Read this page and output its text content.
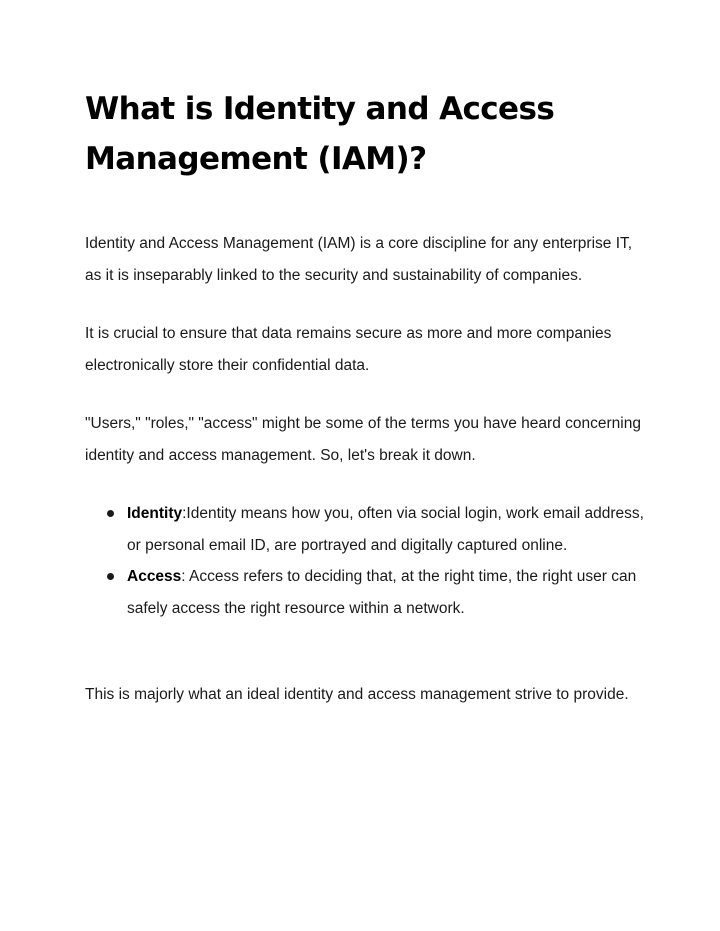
What is Identity and Access Management (IAM)?

Identity and Access Management (IAM) is a core discipline for any enterprise IT, as it is inseparably linked to the security and sustainability of companies.

It is crucial to ensure that data remains secure as more and more companies electronically store their confidential data.

"Users," "roles," "access" might be some of the terms you have heard concerning identity and access management. So, let's break it down.

Identity:Identity means how you, often via social login, work email address, or personal email ID, are portrayed and digitally captured online.
Access: Access refers to deciding that, at the right time, the right user can safely access the right resource within a network.

This is majorly what an ideal identity and access management strive to provide.
